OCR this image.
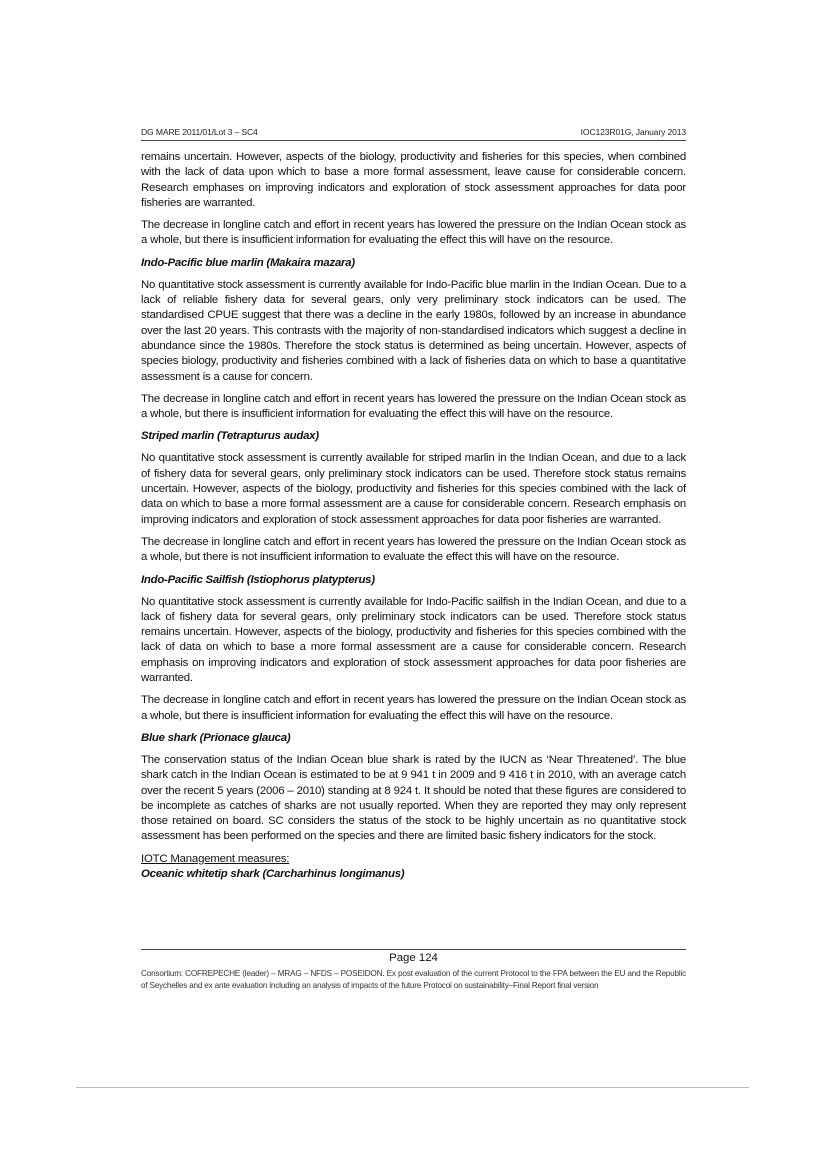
DG MARE 2011/01/Lot 3 – SC4	IOC123R01G, January 2013

remains uncertain. However, aspects of the biology, productivity and fisheries for this species, when combined with the lack of data upon which to base a more formal assessment, leave cause for considerable concern. Research emphases on improving indicators and exploration of stock assessment approaches for data poor fisheries are warranted.

The decrease in longline catch and effort in recent years has lowered the pressure on the Indian Ocean stock as a whole, but there is insufficient information for evaluating the effect this will have on the resource.

Indo-Pacific blue marlin (Makaira mazara)

No quantitative stock assessment is currently available for Indo-Pacific blue marlin in the Indian Ocean. Due to a lack of reliable fishery data for several gears, only very preliminary stock indicators can be used. The standardised CPUE suggest that there was a decline in the early 1980s, followed by an increase in abundance over the last 20 years. This contrasts with the majority of non-standardised indicators which suggest a decline in abundance since the 1980s. Therefore the stock status is determined as being uncertain. However, aspects of species biology, productivity and fisheries combined with a lack of fisheries data on which to base a quantitative assessment is a cause for concern.

The decrease in longline catch and effort in recent years has lowered the pressure on the Indian Ocean stock as a whole, but there is insufficient information for evaluating the effect this will have on the resource.

Striped marlin (Tetrapturus audax)

No quantitative stock assessment is currently available for striped marlin in the Indian Ocean, and due to a lack of fishery data for several gears, only preliminary stock indicators can be used. Therefore stock status remains uncertain. However, aspects of the biology, productivity and fisheries for this species combined with the lack of data on which to base a more formal assessment are a cause for considerable concern. Research emphasis on improving indicators and exploration of stock assessment approaches for data poor fisheries are warranted.

The decrease in longline catch and effort in recent years has lowered the pressure on the Indian Ocean stock as a whole, but there is not insufficient information to evaluate the effect this will have on the resource.

Indo-Pacific Sailfish (Istiophorus platypterus)

No quantitative stock assessment is currently available for Indo-Pacific sailfish in the Indian Ocean, and due to a lack of fishery data for several gears, only preliminary stock indicators can be used. Therefore stock status remains uncertain. However, aspects of the biology, productivity and fisheries for this species combined with the lack of data on which to base a more formal assessment are a cause for considerable concern. Research emphasis on improving indicators and exploration of stock assessment approaches for data poor fisheries are warranted.

The decrease in longline catch and effort in recent years has lowered the pressure on the Indian Ocean stock as a whole, but there is insufficient information for evaluating the effect this will have on the resource.

Blue shark (Prionace glauca)

The conservation status of the Indian Ocean blue shark is rated by the IUCN as ‘Near Threatened’. The blue shark catch in the Indian Ocean is estimated to be at 9 941 t in 2009 and 9 416 t in 2010, with an average catch over the recent 5 years (2006 – 2010) standing at 8 924 t. It should be noted that these figures are considered to be incomplete as catches of sharks are not usually reported. When they are reported they may only represent those retained on board. SC considers the status of the stock to be highly uncertain as no quantitative stock assessment has been performed on the species and there are limited basic fishery indicators for the stock.

IOTC Management measures:
Oceanic whitetip shark (Carcharhinus longimanus)
Page 124
Consortium: COFREPECHE (leader) – MRAG – NFDS – POSEIDON. Ex post evaluation of the current Protocol to the FPA between the EU and the Republic of Seychelles and ex ante evaluation including an analysis of impacts of the future Protocol on sustainability–Final Report final version
